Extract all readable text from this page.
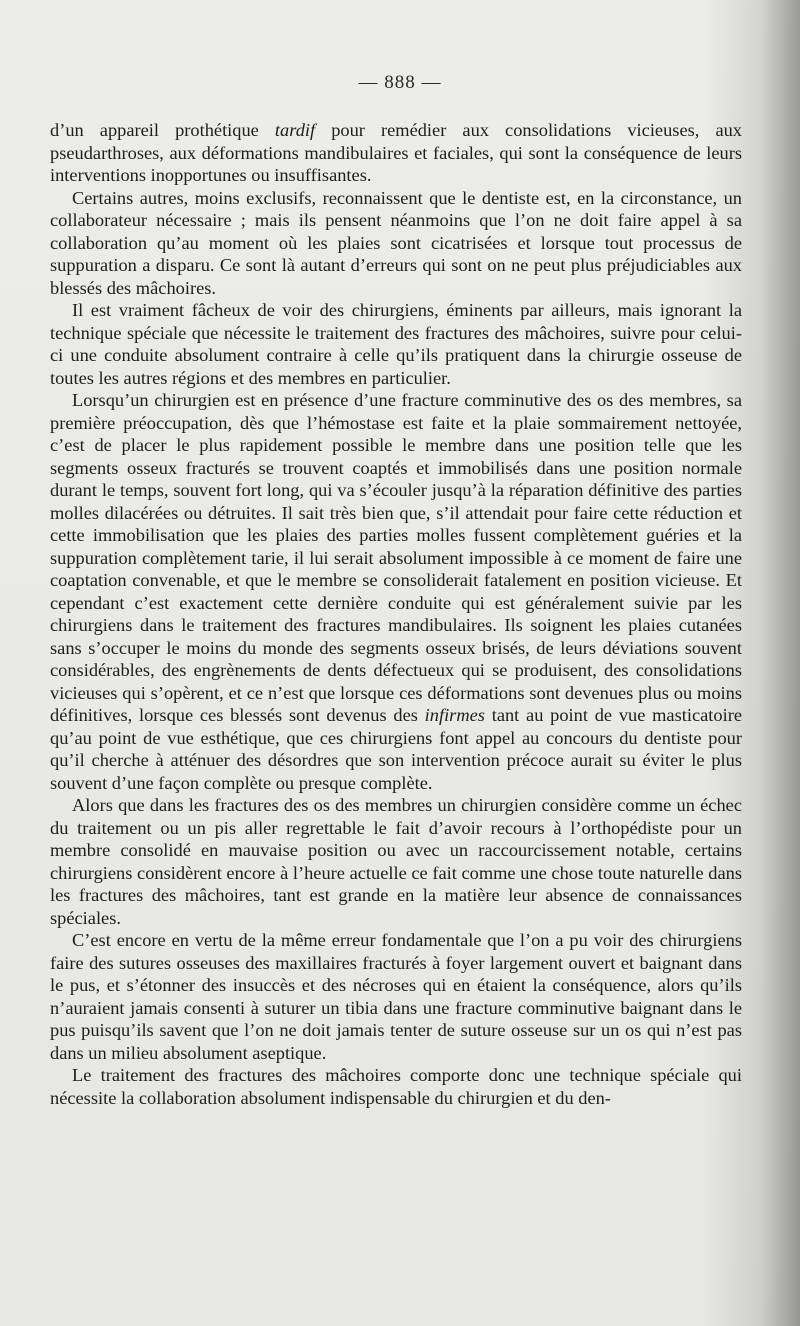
— 888 —

d’un appareil prothétique tardif pour remédier aux consolidations vicieuses, aux pseudarthroses, aux déformations mandibulaires et faciales, qui sont la conséquence de leurs interventions inopportunes ou insuffisantes.

Certains autres, moins exclusifs, reconnaissent que le dentiste est, en la circonstance, un collaborateur nécessaire ; mais ils pensent néanmoins que l’on ne doit faire appel à sa collaboration qu’au moment où les plaies sont cicatrisées et lorsque tout processus de suppuration a disparu. Ce sont là autant d’erreurs qui sont on ne peut plus préjudiciables aux blessés des mâchoires.

Il est vraiment fâcheux de voir des chirurgiens, éminents par ailleurs, mais ignorant la technique spéciale que nécessite le traitement des fractures des mâchoires, suivre pour celui-ci une conduite absolument contraire à celle qu’ils pratiquent dans la chirurgie osseuse de toutes les autres régions et des membres en particulier.

Lorsqu’un chirurgien est en présence d’une fracture comminutive des os des membres, sa première préoccupation, dès que l’hémostase est faite et la plaie sommairement nettoyée, c’est de placer le plus rapidement possible le membre dans une position telle que les segments osseux fracturés se trouvent coaptés et immobilisés dans une position normale durant le temps, souvent fort long, qui va s’écouler jusqu’à la réparation définitive des parties molles dilacérées ou détruites. Il sait très bien que, s’il attendait pour faire cette réduction et cette immobilisation que les plaies des parties molles fussent complètement guéries et la suppuration complètement tarie, il lui serait absolument impossible à ce moment de faire une coaptation convenable, et que le membre se consoliderait fatalement en position vicieuse. Et cependant c’est exactement cette dernière conduite qui est généralement suivie par les chirurgiens dans le traitement des fractures mandibulaires. Ils soignent les plaies cutanées sans s’occuper le moins du monde des segments osseux brisés, de leurs déviations souvent considérables, des engrènements de dents défectueux qui se produisent, des consolidations vicieuses qui s’opèrent, et ce n’est que lorsque ces déformations sont devenues plus ou moins définitives, lorsque ces blessés sont devenus des infirmes tant au point de vue masticatoire qu’au point de vue esthétique, que ces chirurgiens font appel au concours du dentiste pour qu’il cherche à atténuer des désordres que son intervention précoce aurait su éviter le plus souvent d’une façon complète ou presque complète.

Alors que dans les fractures des os des membres un chirurgien considère comme un échec du traitement ou un pis aller regrettable le fait d’avoir recours à l’orthopédiste pour un membre consolidé en mauvaise position ou avec un raccourcissement notable, certains chirurgiens considèrent encore à l’heure actuelle ce fait comme une chose toute naturelle dans les fractures des mâchoires, tant est grande en la matière leur absence de connaissances spéciales.

C’est encore en vertu de la même erreur fondamentale que l’on a pu voir des chirurgiens faire des sutures osseuses des maxillaires fracturés à foyer largement ouvert et baignant dans le pus, et s’étonner des insuccès et des nécroses qui en étaient la conséquence, alors qu’ils n’auraient jamais consenti à suturer un tibia dans une fracture comminutive baignant dans le pus puisqu’ils savent que l’on ne doit jamais tenter de suture osseuse sur un os qui n’est pas dans un milieu absolument aseptique.

Le traitement des fractures des mâchoires comporte donc une technique spéciale qui nécessite la collaboration absolument indispensable du chirurgien et du den-
